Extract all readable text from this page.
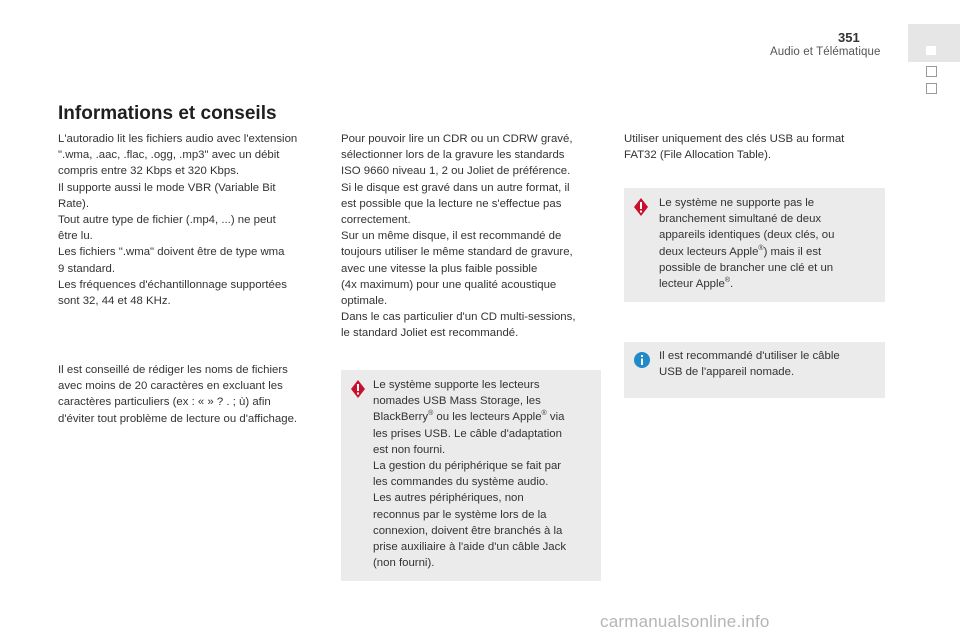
351
Audio et Télématique
Informations et conseils

L'autoradio lit les fichiers audio avec l'extension

".wma, .aac, .flac, .ogg, .mp3" avec un débit

compris entre 32 Kbps et 320 Kbps.

Il supporte aussi le mode VBR (Variable Bit

Rate).

Tout autre type de fichier (.mp4, ...) ne peut

être lu.

Les fichiers ".wma" doivent être de type wma

9 standard.

Les fréquences d'échantillonnage supportées

sont 32, 44 et 48 KHz.

Il est conseillé de rédiger les noms de fichiers

avec moins de 20 caractères en excluant les

caractères particuliers (ex : « » ? . ; ù) afin

d'éviter tout problème de lecture ou d'affichage.

Pour pouvoir lire un CDR ou un CDRW gravé,

sélectionner lors de la gravure les standards

ISO 9660 niveau 1, 2 ou Joliet de préférence.

Si le disque est gravé dans un autre format, il

est possible que la lecture ne s'effectue pas

correctement.

Sur un même disque, il est recommandé de

toujours utiliser le même standard de gravure,

avec une vitesse la plus faible possible

(4x maximum) pour une qualité acoustique

optimale.

Dans le cas particulier d'un CD multi-sessions,

le standard Joliet est recommandé.

Le système supporte les lecteurs

nomades USB Mass Storage, les

BlackBerry® ou les lecteurs Apple® via

les prises USB. Le câble d'adaptation

est non fourni.

La gestion du périphérique se fait par

les commandes du système audio.

Les autres périphériques, non

reconnus par le système lors de la

connexion, doivent être branchés à la

prise auxiliaire à l'aide d'un câble Jack

(non fourni).

Utiliser uniquement des clés USB au format

FAT32 (File Allocation Table).

Le système ne supporte pas le

branchement simultané de deux

appareils identiques (deux clés, ou

deux lecteurs Apple®) mais il est

possible de brancher une clé et un

lecteur Apple®.

Il est recommandé d'utiliser le câble

USB de l'appareil nomade.

carmanualsonline.info
